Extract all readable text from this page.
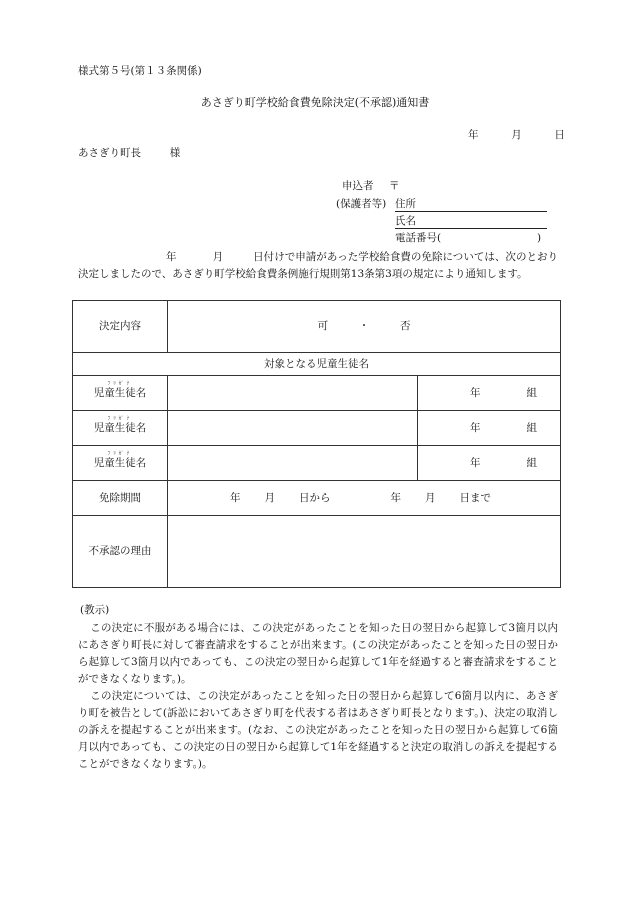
様式第５号(第１３条関係)
あさぎり町学校給食費免除決定(不承認)通知書
年	月	日
あさぎり町長	様
申込者 〒
(保護者等) 住所
氏名
電話番号(	)

年	月	日付けで申請があった学校給食費の免除については、次のとおり決定しましたので、あさぎり町学校給食費条例施行規則第13条第3項の規定により通知します。

決定内容	可 ・ 否	
対象となる児童生徒名		

ﾌﾘｶﾞﾅ
児童生徒名		年 組

ﾌﾘｶﾞﾅ
児童生徒名		年 組

ﾌﾘｶﾞﾅ
児童生徒名		年 組
免除期間	年 月 日から 年 月 日まで	
不承認の理由		
(教示)

この決定に不服がある場合には、この決定があったことを知った日の翌日から起算して3箇月以内にあさぎり町長に対して審査請求をすることが出来ます。(この決定があったことを知った日の翌日から起算して3箇月以内であっても、この決定の翌日から起算して1年を経過すると審査請求をすることができなくなります。)。

この決定については、この決定があったことを知った日の翌日から起算して6箇月以内に、あさぎり町を被告として(訴訟においてあさぎり町を代表する者はあさぎり町長となります。)、決定の取消しの訴えを提起することが出来ます。(なお、この決定があったことを知った日の翌日から起算して6箇月以内であっても、この決定の日の翌日から起算して1年を経過すると決定の取消しの訴えを提起することができなくなります。)。
